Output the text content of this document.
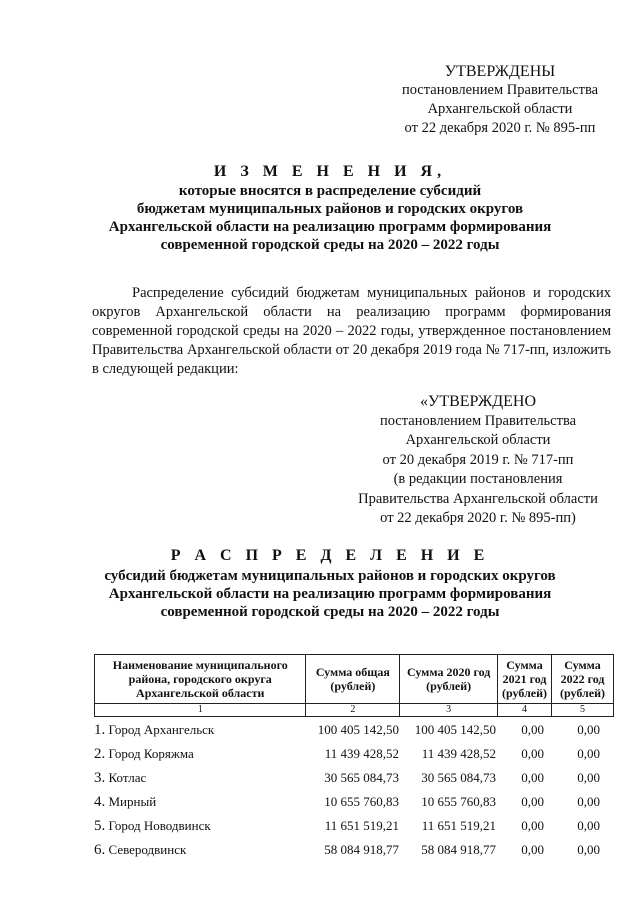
УТВЕРЖДЕНЫ
постановлением Правительства
Архангельской области
от 22 декабря 2020 г. № 895-пп
И З М Е Н Е Н И Я,
которые вносятся в распределение субсидий
бюджетам муниципальных районов и городских округов
Архангельской области на реализацию программ формирования
современной городской среды на 2020 – 2022 годы
Распределение субсидий бюджетам муниципальных районов и городских округов Архангельской области на реализацию программ формирования современной городской среды на 2020 – 2022 годы, утвержденное постановлением Правительства Архангельской области от 20 декабря 2019 года № 717-пп, изложить в следующей редакции:
«УТВЕРЖДЕНО
постановлением Правительства
Архангельской области
от 20 декабря 2019 г. № 717-пп
(в редакции постановления
Правительства Архангельской области
от 22 декабря 2020 г. № 895-пп)
Р А С П Р Е Д Е Л Е Н И Е
субсидий бюджетам муниципальных районов и городских округов
Архангельской области на реализацию программ формирования
современной городской среды на 2020 – 2022 годы
Наименование муниципального района, городского округа Архангельской области	Сумма общая (рублей)	Сумма 2020 год (рублей)	Сумма 2021 год (рублей)	Сумма 2022 год (рублей)
1	2	3	4	5
1. Город Архангельск	100 405 142,50	100 405 142,50	0,00	0,00
2. Город Коряжма	11 439 428,52	11 439 428,52	0,00	0,00
3. Котлас	30 565 084,73	30 565 084,73	0,00	0,00
4. Мирный	10 655 760,83	10 655 760,83	0,00	0,00
5. Город Новодвинск	11 651 519,21	11 651 519,21	0,00	0,00
6. Северодвинск	58 084 918,77	58 084 918,77	0,00	0,00
